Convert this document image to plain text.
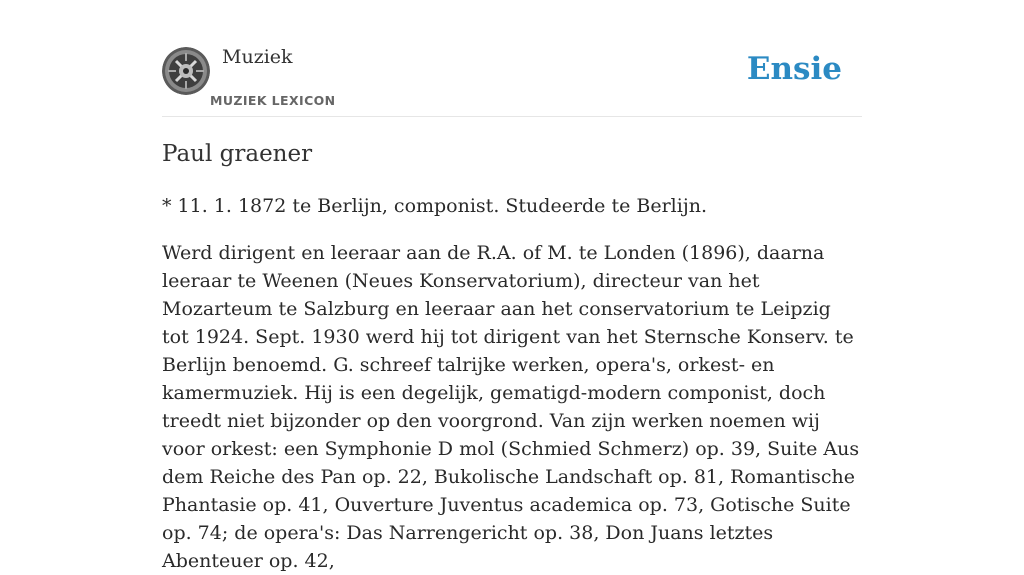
Muziek
MUZIEK LEXICON
Ensie
Paul graener

* 11. 1. 1872 te Berlijn, componist. Studeerde te Berlijn.

Werd dirigent en leeraar aan de R.A. of M. te Londen (1896), daarna leeraar te Weenen (Neues Konservatorium), directeur van het Mozarteum te Salzburg en leeraar aan het conservatorium te Leipzig tot 1924. Sept. 1930 werd hij tot dirigent van het Sternsche Konserv. te Berlijn benoemd. G. schreef talrijke werken, opera's, orkest- en kamermuziek. Hij is een degelijk, gematigd-modern componist, doch treedt niet bijzonder op den voorgrond. Van zijn werken noemen wij voor orkest: een Symphonie D mol (Schmied Schmerz) op. 39, Suite Aus dem Reiche des Pan op. 22, Bukolische Landschaft op. 81, Romantische Phantasie op. 41, Ouverture Juventus academica op. 73, Gotische Suite op. 74; de opera's: Das Narrengericht op. 38, Don Juans letztes Abenteuer op. 42,
